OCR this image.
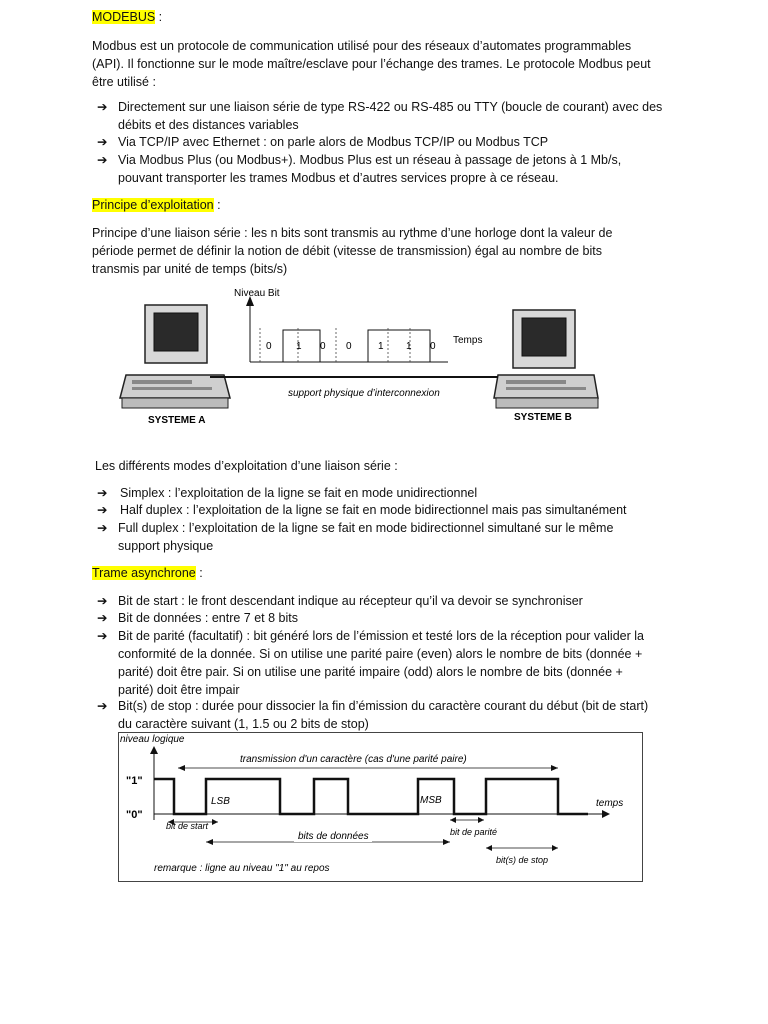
MODEBUS :
Modbus est un protocole de communication utilisé pour des réseaux d’automates programmables
(API). Il fonctionne sur le mode maître/esclave pour l’échange des trames. Le protocole Modbus peut
être utilisé :
➔ Directement sur une liaison série de type RS-422 ou RS-485 ou TTY (boucle de courant) avec des
débits et des distances variables
➔ Via TCP/IP avec Ethernet : on parle alors de Modbus TCP/IP ou Modbus TCP
➔ Via Modbus Plus (ou Modbus+). Modbus Plus est un réseau à passage de jetons à 1 Mb/s,
pouvant transporter les trames Modbus et d’autres services propre à ce réseau.
Principe d’exploitation :
Principe d’une liaison série : les n bits sont transmis au rythme d’une horloge dont la valeur de
période permet de définir la notion de débit (vitesse de transmission) égal au nombre de bits
transmis par unité de temps (bits/s)
Niveau Bit
Temps
0 1 0 0	1 1 0
support physique d’interconnexion
SYSTEME A	SYSTEME B
Les différents modes d’exploitation d’une liaison série :
➔ Simplex : l’exploitation de la ligne se fait en mode unidirectionnel
➔ Half duplex : l’exploitation de la ligne se fait en mode bidirectionnel mais pas simultanément
➔ Full duplex : l’exploitation de la ligne se fait en mode bidirectionnel simultané sur le même
support physique
Trame asynchrone :
➔ Bit de start : le front descendant indique au récepteur qu’il va devoir se synchroniser
➔ Bit de données : entre 7 et 8 bits
➔ Bit de parité (facultatif) : bit généré lors de l’émission et testé lors de la réception pour valider la
conformité de la donnée. Si on utilise une parité paire (even) alors le nombre de bits (donnée +
parité) doit être pair. Si on utilise une parité impaire (odd) alors le nombre de bits (donnée +
parité) doit être impair
➔ Bit(s) de stop : durée pour dissocier la fin d’émission du caractère courant du début (bit de start)
du caractère suivant (1, 1.5 ou 2 bits de stop)
niveau logique
"1"
"0"
transmission d'un caractère (cas d'une parité paire)
LSB	MSB	temps
bit de start
bits de données	bit de parité
bit(s) de stop
remarque : ligne au niveau "1" au repos
